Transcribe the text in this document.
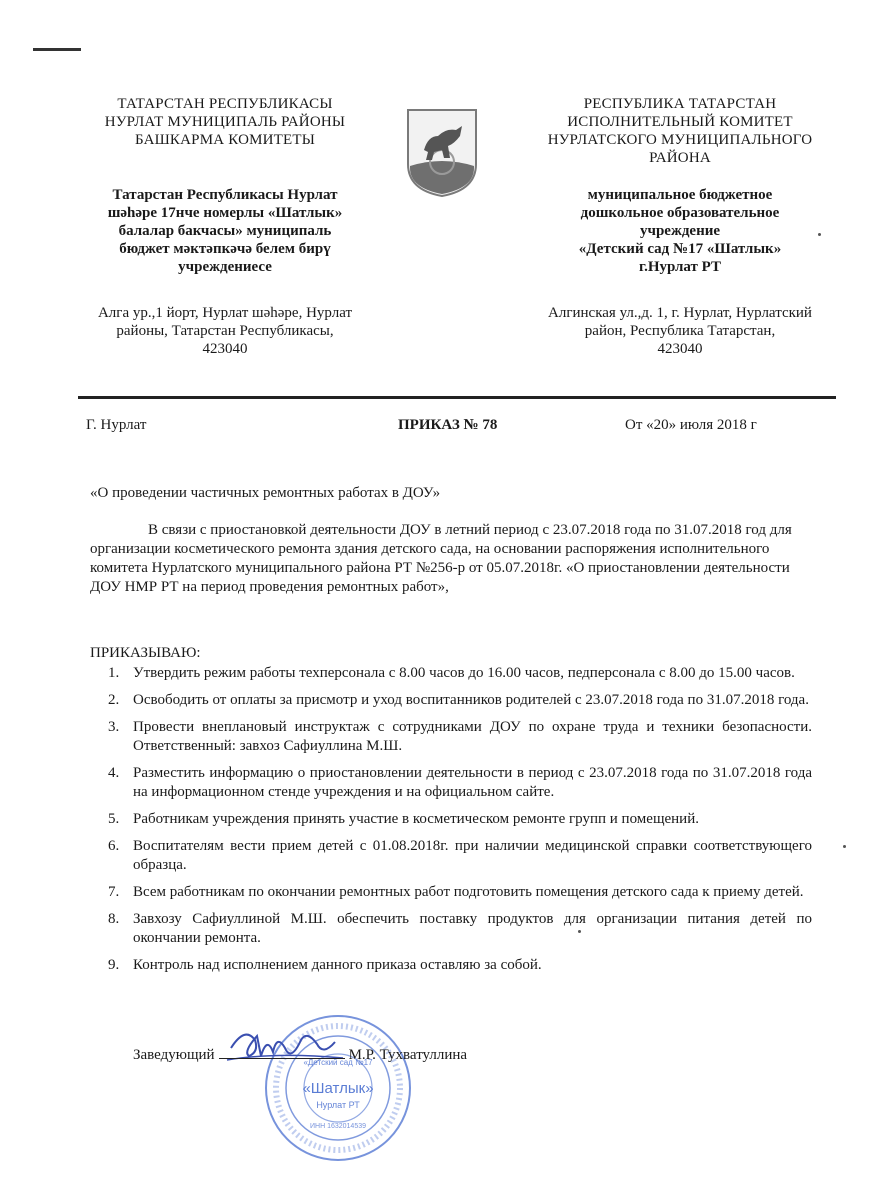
ТАТАРСТАН РЕСПУБЛИКАСЫ
НУРЛАТ МУНИЦИПАЛЬ РАЙОНЫ
БАШКАРМА КОМИТЕТЫ
Татарстан Республикасы Нурлат
шәһәре 17нче номерлы «Шатлык»
балалар бакчасы» муниципаль
бюджет мәктәпкәчә белем бирү
учреждениесе
Алга ур.,1 йорт, Нурлат шәһәре, Нурлат
районы, Татарстан Республикасы,
423040
РЕСПУБЛИКА ТАТАРСТАН
ИСПОЛНИТЕЛЬНЫЙ КОМИТЕТ
НУРЛАТСКОГО МУНИЦИПАЛЬНОГО
РАЙОНА
муниципальное бюджетное
дошкольное образовательное
учреждение
«Детский сад №17 «Шатлык»
г.Нурлат РТ
Алгинская ул.,д. 1, г. Нурлат, Нурлатский
район, Республика Татарстан,
423040
Г. Нурлат	ПРИКАЗ № 78	От «20» июля 2018 г
«О проведении частичных ремонтных работах в ДОУ»
В связи с приостановкой деятельности ДОУ в летний период с 23.07.2018 года по 31.07.2018 год для организации косметического ремонта здания детского сада, на основании распоряжения исполнительного комитета Нурлатского муниципального района РТ №256-р от 05.07.2018г. «О приостановлении деятельности ДОУ НМР РТ на период проведения ремонтных работ»,
ПРИКАЗЫВАЮ:
1. Утвердить режим работы техперсонала с 8.00 часов до 16.00 часов, педперсонала с 8.00 до 15.00 часов.
2. Освободить от оплаты за присмотр и уход воспитанников родителей с 23.07.2018 года по 31.07.2018 года.
3. Провести внеплановый инструктаж с сотрудниками ДОУ по охране труда и техники безопасности. Ответственный: завхоз Сафиуллина М.Ш.
4. Разместить информацию о приостановлении деятельности в период с 23.07.2018 года по 31.07.2018 года на информационном стенде учреждения и на официальном сайте.
5. Работникам учреждения принять участие в косметическом ремонте групп и помещений.
6. Воспитателям вести прием детей с 01.08.2018г. при наличии медицинской справки соответствующего образца.
7. Всем работникам по окончании ремонтных работ подготовить помещения детского сада к приему детей.
8. Завхозу Сафиуллиной М.Ш. обеспечить поставку продуктов для организации питания детей по окончании ремонта.
9. Контроль над исполнением данного приказа оставляю за собой.
«Детский сад №17
«Шатлык»
Нурлат РТ
ИНН 1632014539
Заведующий	М.Р. Тухватуллина
